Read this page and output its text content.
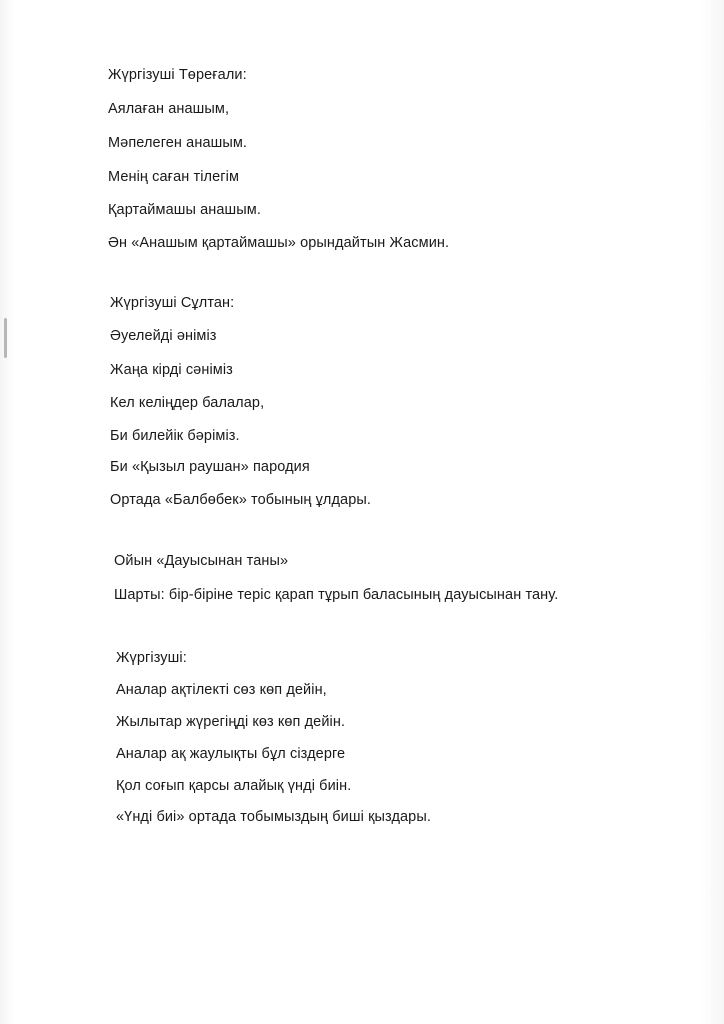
Жүргізуші Төреғали:
Аялаған анашым,
Мәпелеген анашым.
Менің саған тілегім
Қартаймашы анашым.
Ән «Анашым қартаймашы» орындайтын Жасмин.
Жүргізуші Сұлтан:
Әуелейді әніміз
Жаңа кірді сәніміз
Кел келіңдер балалар,
Би билейік бәріміз.
Би «Қызыл раушан» пародия
Ортада «Балбөбек» тобының ұлдары.
Ойын «Дауысынан таны»
Шарты: бір-біріне теріс қарап тұрып баласының дауысынан тану.
Жүргізуші:
Аналар ақтілекті сөз көп дейін,
Жылытар жүрегіңді көз көп дейін.
Аналар ақ жаулықты бұл сіздерге
Қол соғып қарсы алайық үнді биін.
«Үнді биі» ортада тобымыздың биші қыздары.
